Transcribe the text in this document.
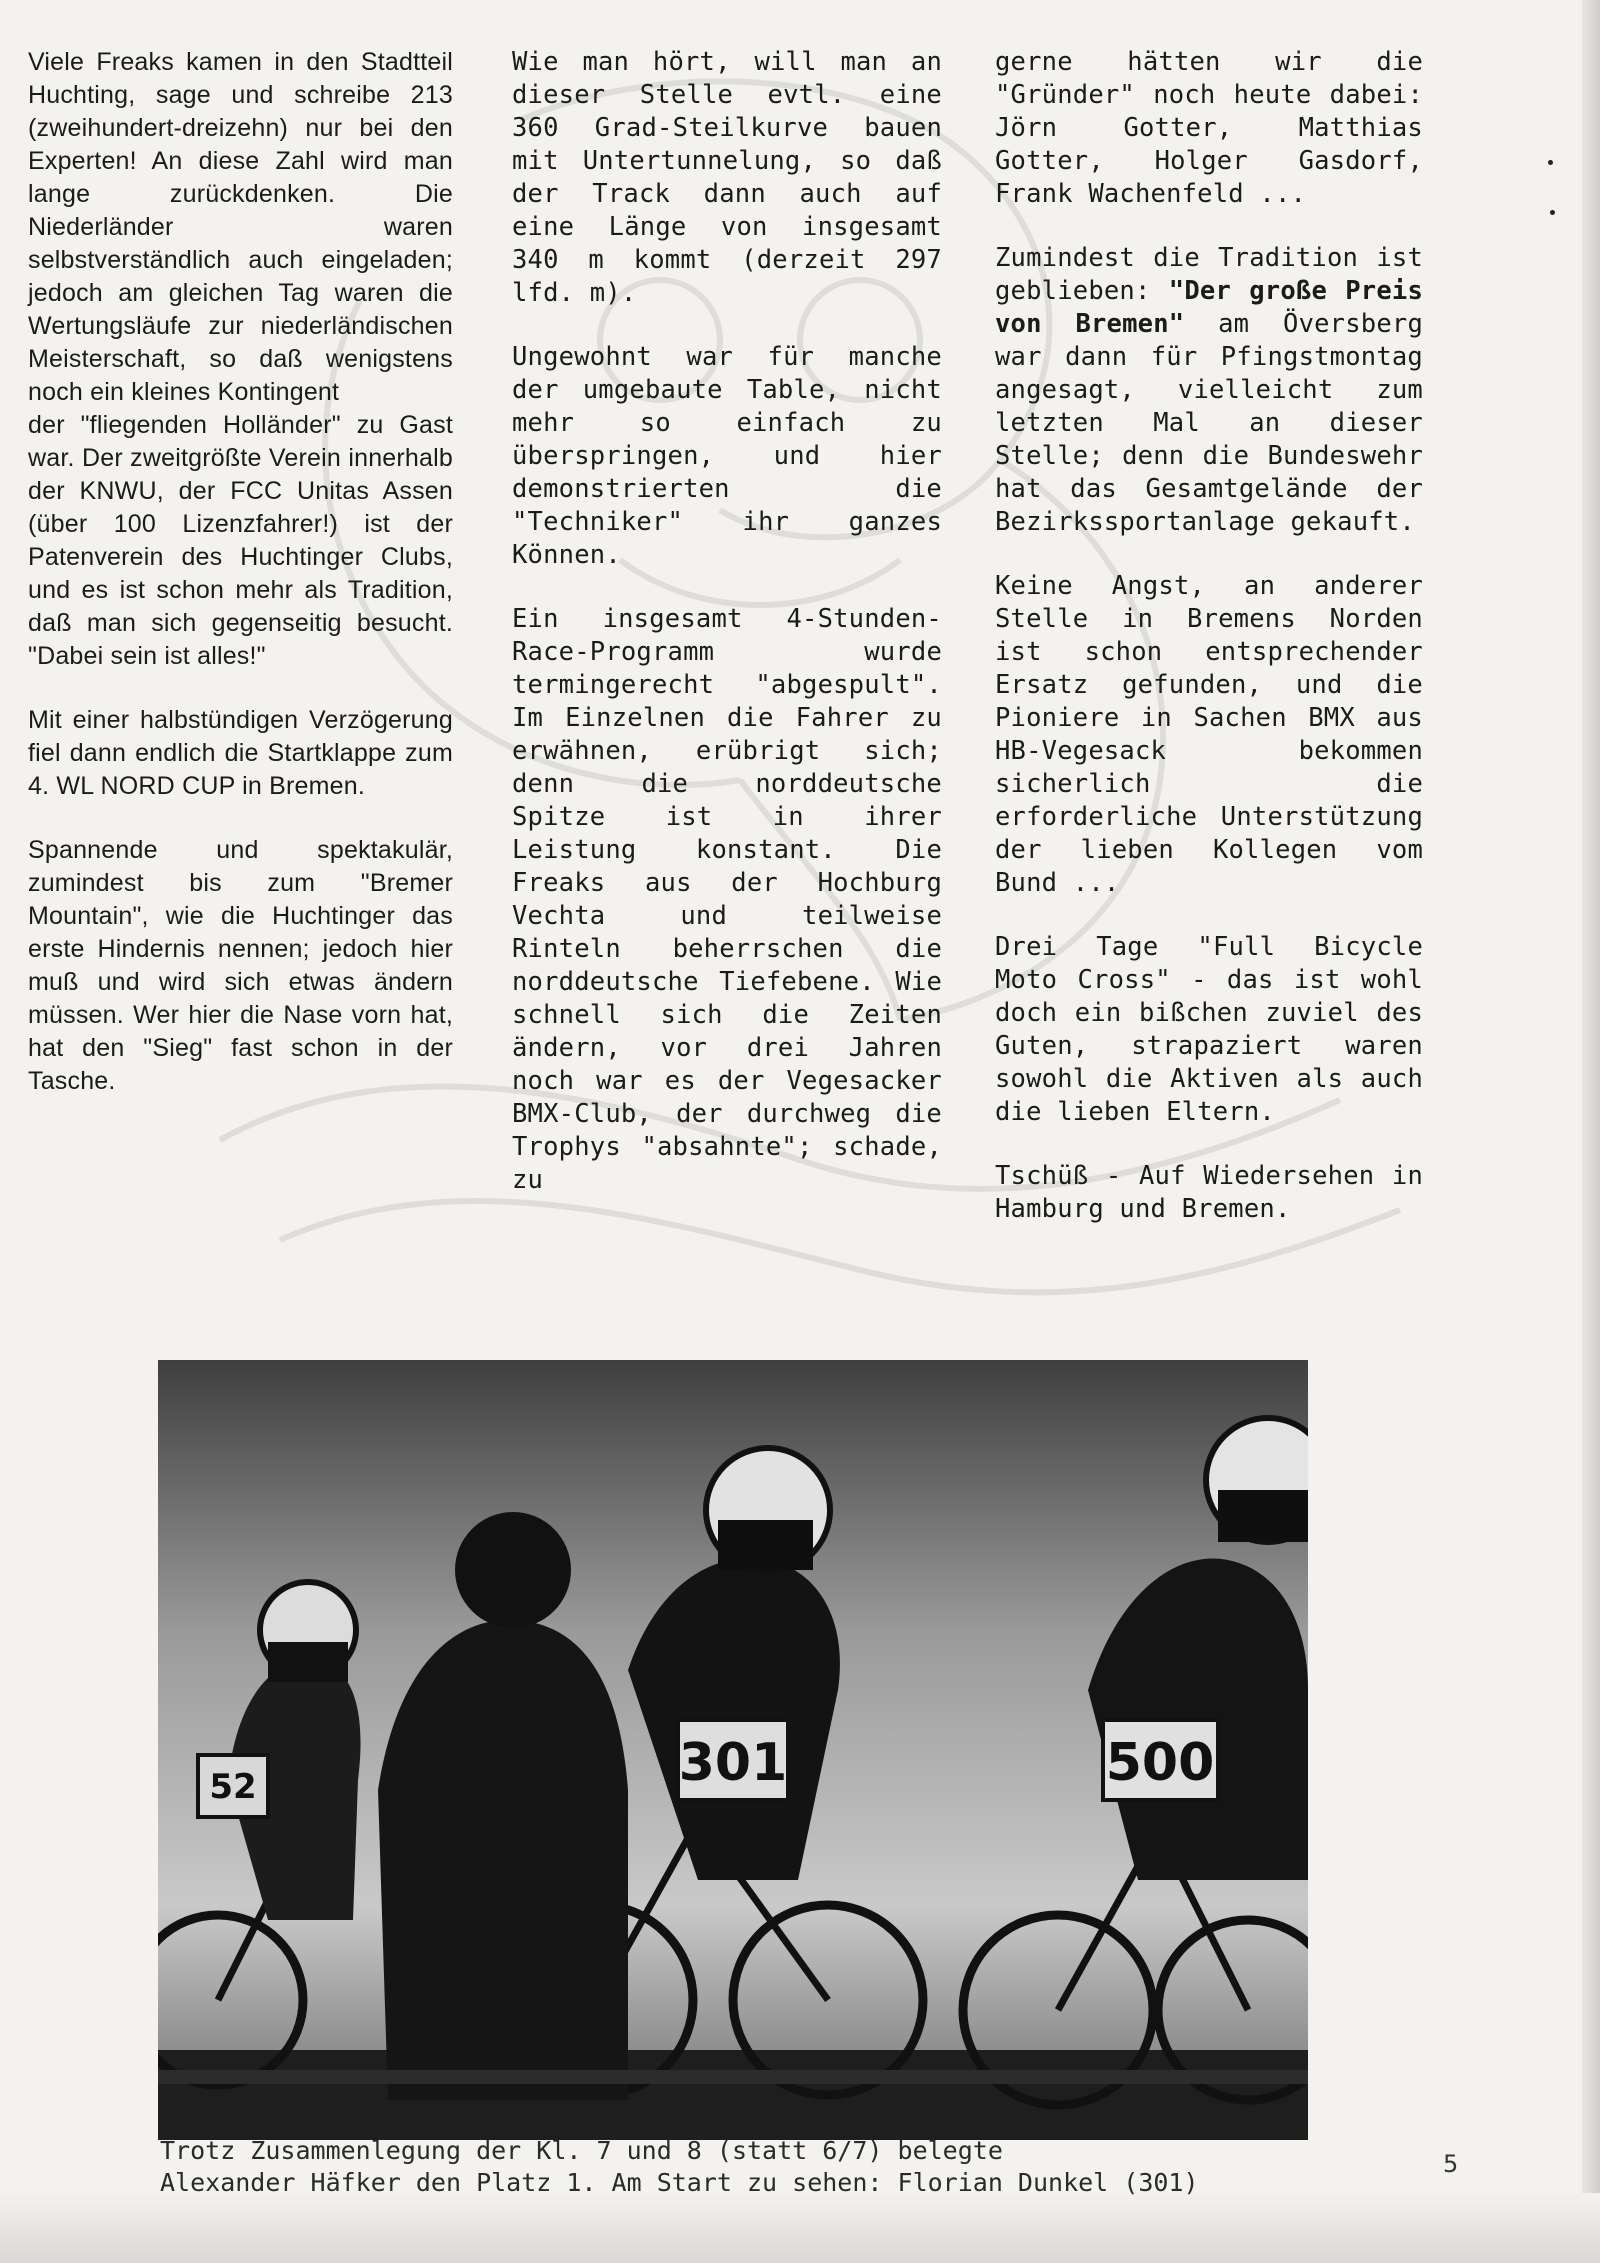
Viele Freaks kamen in den Stadtteil Huchting, sage und schreibe 213 (zweihundert-dreizehn) nur bei den Experten! An diese Zahl wird man lange zurückdenken. Die Niederländer waren selbstverständlich auch eingeladen; jedoch am gleichen Tag waren die Wertungsläufe zur niederländischen Meisterschaft, so daß wenigstens noch ein kleines Kontingent

der "fliegenden Holländer" zu Gast war. Der zweitgrößte Verein innerhalb der KNWU, der FCC Unitas Assen (über 100 Lizenzfahrer!) ist der Patenverein des Huchtinger Clubs, und es ist schon mehr als Tradition, daß man sich gegenseitig besucht. "Dabei sein ist alles!"

Mit einer halbstündigen Verzögerung fiel dann endlich die Startklappe zum 4. WL NORD CUP in Bremen.

Spannende und spektakulär, zumindest bis zum "Bremer Mountain", wie die Huchtinger das erste Hindernis nennen; jedoch hier muß und wird sich etwas ändern müssen. Wer hier die Nase vorn hat, hat den "Sieg" fast schon in der Tasche.

Wie man hört, will man an dieser Stelle evtl. eine 360 Grad-Steilkurve bauen mit Untertunnelung, so daß der Track dann auch auf eine Länge von insgesamt 340 m kommt (derzeit 297 lfd. m).

Ungewohnt war für manche der umgebaute Table, nicht mehr so einfach zu überspringen, und hier demonstrierten die "Techniker" ihr ganzes Können.

Ein insgesamt 4-Stunden-Race-Programm wurde termingerecht "abgespult". Im Einzelnen die Fahrer zu erwähnen, erübrigt sich; denn die norddeutsche Spitze ist in ihrer Leistung konstant. Die Freaks aus der Hochburg Vechta und teilweise Rinteln beherrschen die norddeutsche Tiefebene. Wie schnell sich die Zeiten ändern, vor drei Jahren noch war es der Vegesacker BMX-Club, der durchweg die Trophys "absahnte"; schade, zu

gerne hätten wir die "Gründer" noch heute dabei: Jörn Gotter, Matthias Gotter, Holger Gasdorf, Frank Wachenfeld ...

Zumindest die Tradition ist geblieben: "Der große Preis von Bremen" am Översberg war dann für Pfingstmontag angesagt, vielleicht zum letzten Mal an dieser Stelle; denn die Bundeswehr hat das Gesamtgelände der Bezirkssportanlage gekauft.

Keine Angst, an anderer Stelle in Bremens Norden ist schon entsprechender Ersatz gefunden, und die Pioniere in Sachen BMX aus HB-Vegesack bekommen sicherlich die erforderliche Unterstützung der lieben Kollegen vom Bund ...

Drei Tage "Full Bicycle Moto Cross" - das ist wohl doch ein bißchen zuviel des Guten, strapaziert waren sowohl die Aktiven als auch die lieben Eltern.

Tschüß - Auf Wiedersehen in Hamburg und Bremen.

52	301	500
Trotz Zusammenlegung der Kl. 7 und 8 (statt 6/7) belegte
Alexander Häfker den Platz 1. Am Start zu sehen: Florian Dunkel (301)
5
